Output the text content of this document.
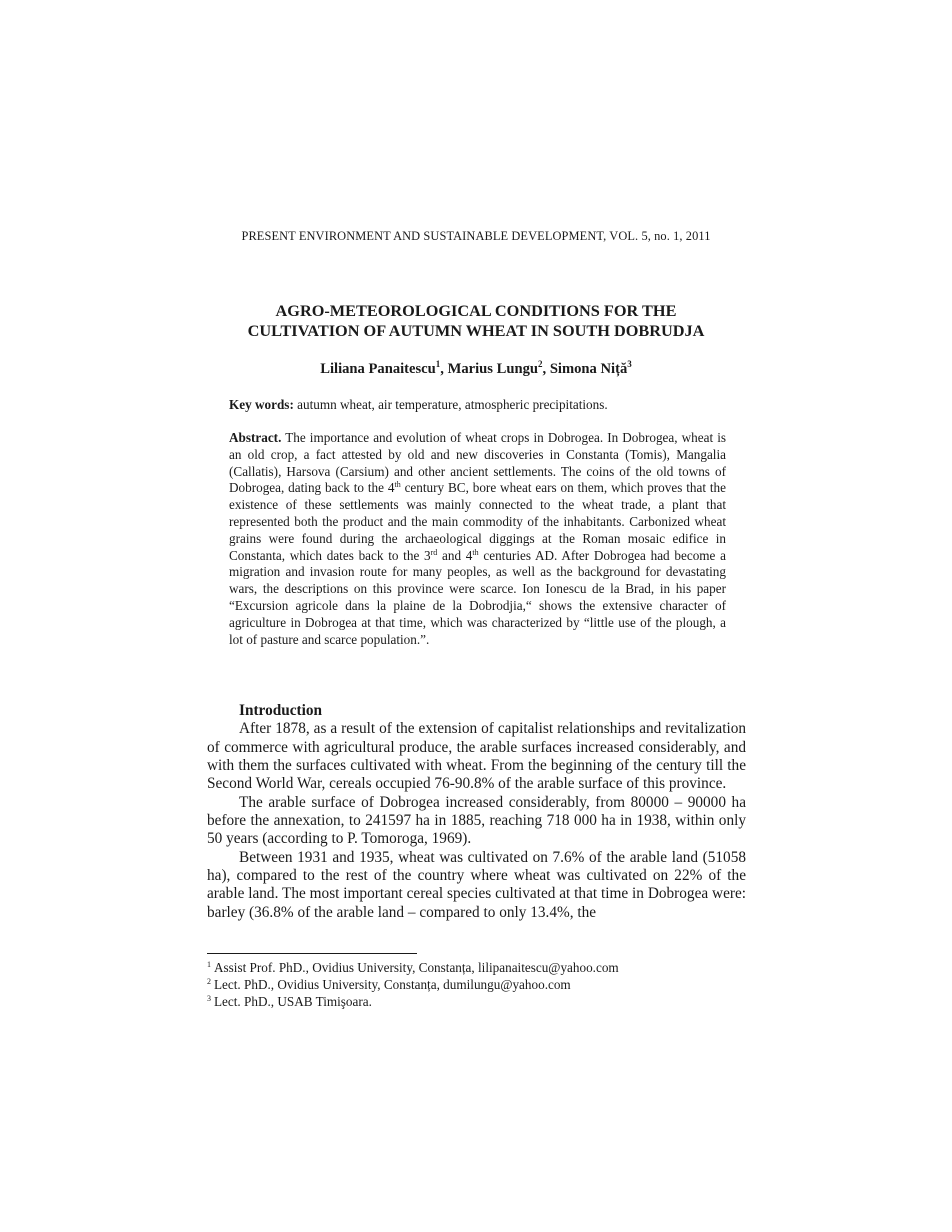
PRESENT ENVIRONMENT AND SUSTAINABLE DEVELOPMENT, VOL. 5, no. 1, 2011
AGRO-METEOROLOGICAL CONDITIONS FOR THE
CULTIVATION OF AUTUMN WHEAT IN SOUTH DOBRUDJA
Liliana Panaitescu$^1$, Marius Lungu$^2$, Simona Niță$^3$
Key words: autumn wheat, air temperature, atmospheric precipitations.
Abstract. The importance and evolution of wheat crops in Dobrogea. In Dobrogea, wheat is an old crop, a fact attested by old and new discoveries in Constanta (Tomis), Mangalia (Callatis), Harsova (Carsium) and other ancient settlements. The coins of the old towns of Dobrogea, dating back to the 4th century BC, bore wheat ears on them, which proves that the existence of these settlements was mainly connected to the wheat trade, a plant that represented both the product and the main commodity of the inhabitants. Carbonized wheat grains were found during the archaeological diggings at the Roman mosaic edifice in Constanta, which dates back to the 3rd and 4th centuries AD. After Dobrogea had become a migration and invasion route for many peoples, as well as the background for devastating wars, the descriptions on this province were scarce. Ion Ionescu de la Brad, in his paper “Excursion agricole dans la plaine de la Dobrodjia,“ shows the extensive character of agriculture in Dobrogea at that time, which was characterized by “little use of the plough, a lot of pasture and scarce population.”.
Introduction

After 1878, as a result of the extension of capitalist relationships and revitalization of commerce with agricultural produce, the arable surfaces increased considerably, and with them the surfaces cultivated with wheat. From the beginning of the century till the Second World War, cereals occupied 76-90.8% of the arable surface of this province.

The arable surface of Dobrogea increased considerably, from 80000 – 90000 ha before the annexation, to 241597 ha in 1885, reaching 718 000 ha in 1938, within only 50 years (according to P. Tomoroga, 1969).

Between 1931 and 1935, wheat was cultivated on 7.6% of the arable land (51058 ha), compared to the rest of the country where wheat was cultivated on 22% of the arable land. The most important cereal species cultivated at that time in Dobrogea were: barley (36.8% of the arable land – compared to only 13.4%, the

$^1$ Assist Prof. PhD., Ovidius University, Constanța, lilipanaitescu@yahoo.com
$^2$ Lect. PhD., Ovidius University, Constanța, dumilungu@yahoo.com
$^3$ Lect. PhD., USAB Timişoara.
